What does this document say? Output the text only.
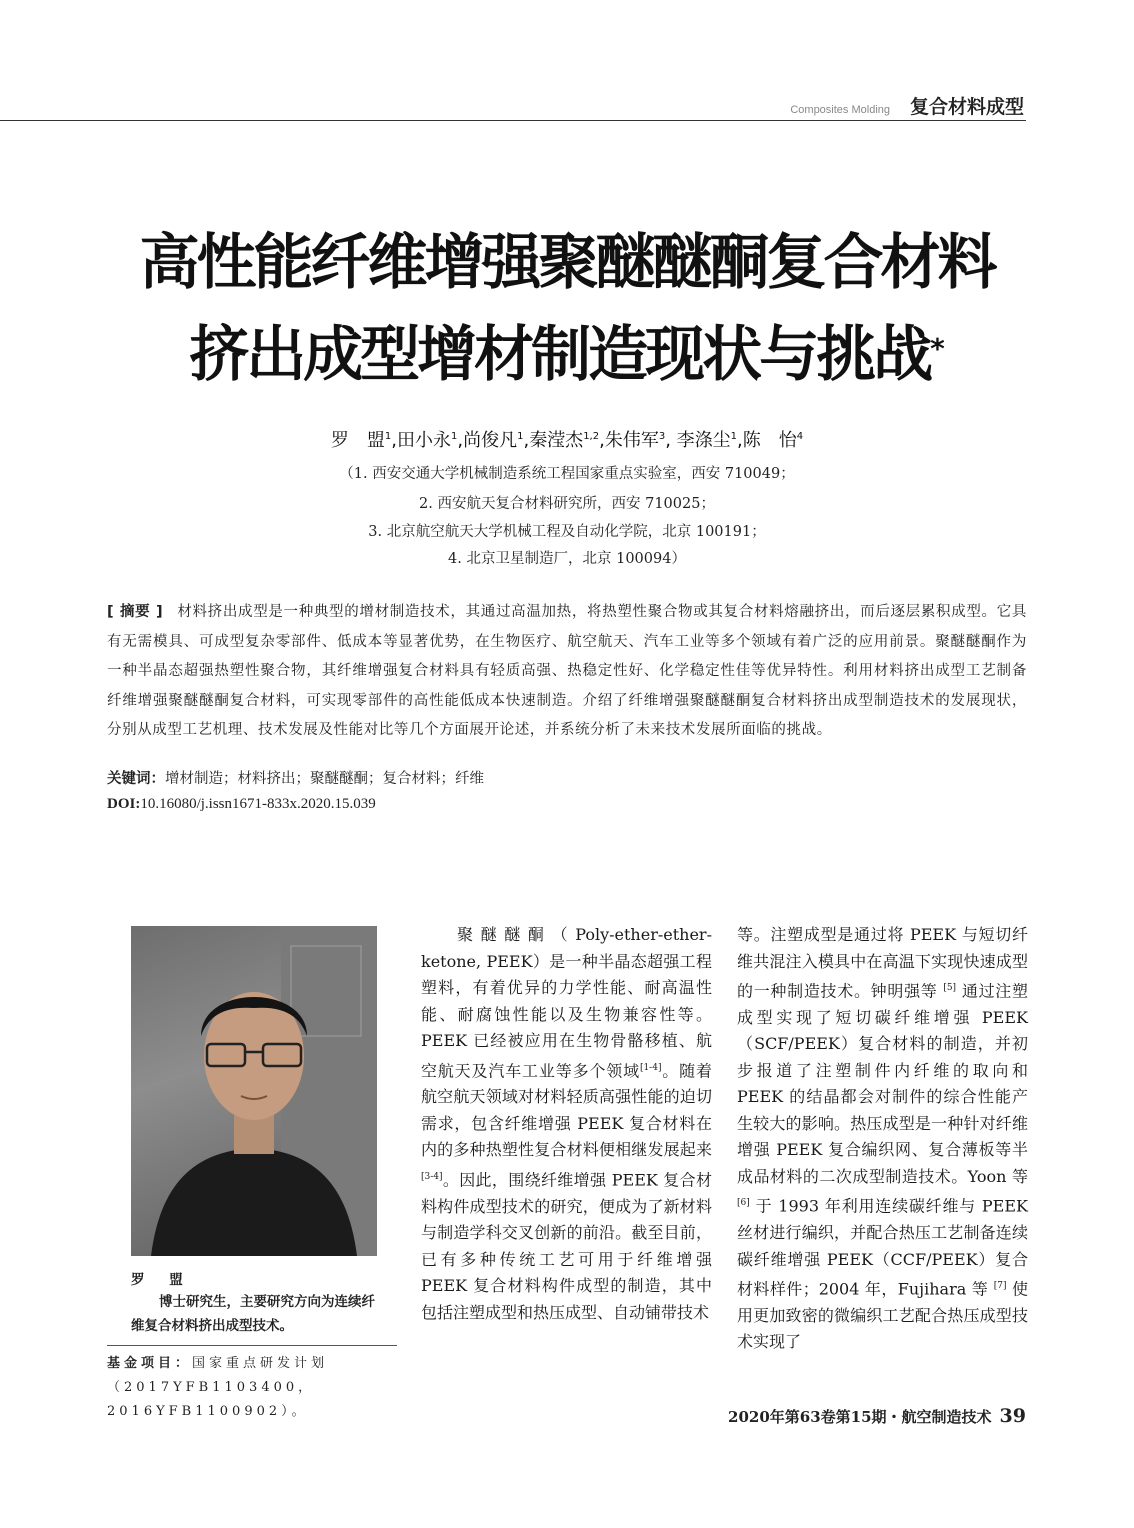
Composites Molding 复合材料成型
高性能纤维增强聚醚醚酮复合材料
挤出成型增材制造现状与挑战*
罗　盟$^1$,田小永$^1$,尚俊凡$^1$,秦滢杰$^{1,2}$,朱伟军$^3$, 李涤尘$^1$,陈　怡$^4$
（1. 西安交通大学机械制造系统工程国家重点实验室，西安 710049；
2. 西安航天复合材料研究所，西安 710025；
3. 北京航空航天大学机械工程及自动化学院，北京 100191；
4. 北京卫星制造厂，北京 100094）
[ 摘要 ] 材料挤出成型是一种典型的增材制造技术，其通过高温加热，将热塑性聚合物或其复合材料熔融挤出，而后逐层累积成型。它具有无需模具、可成型复杂零部件、低成本等显著优势，在生物医疗、航空航天、汽车工业等多个领域有着广泛的应用前景。聚醚醚酮作为一种半晶态超强热塑性聚合物，其纤维增强复合材料具有轻质高强、热稳定性好、化学稳定性佳等优异特性。利用材料挤出成型工艺制备纤维增强聚醚醚酮复合材料，可实现零部件的高性能低成本快速制造。介绍了纤维增强聚醚醚酮复合材料挤出成型制造技术的发展现状，分别从成型工艺机理、技术发展及性能对比等几个方面展开论述，并系统分析了未来技术发展所面临的挑战。
关键词：增材制造；材料挤出；聚醚醚酮；复合材料；纤维
DOI:10.16080/j.issn1671-833x.2020.15.039
罗 盟
博士研究生，主要研究方向为连续纤维复合材料挤出成型技术。
基金项目：国家重点研发计划（2017YFB1103400，2016YFB1100902）。

聚醚醚酮（Poly-ether-ether-ketone, PEEK）是一种半晶态超强工程塑料，有着优异的力学性能、耐高温性能、耐腐蚀性能以及生物兼容性等。PEEK 已经被应用在生物骨骼移植、航空航天及汽车工业等多个领域[1-4]。随着航空航天领域对材料轻质高强性能的迫切需求，包含纤维增强 PEEK 复合材料在内的多种热塑性复合材料便相继发展起来[3-4]。因此，围绕纤维增强 PEEK 复合材料构件成型技术的研究，便成为了新材料与制造学科交叉创新的前沿。截至目前，已有多种传统工艺可用于纤维增强 PEEK 复合材料构件成型的制造，其中包括注塑成型和热压成型、自动铺带技术

等。注塑成型是通过将 PEEK 与短切纤维共混注入模具中在高温下实现快速成型的一种制造技术。钟明强等 [5] 通过注塑成型实现了短切碳纤维增强 PEEK（SCF/PEEK）复合材料的制造，并初步报道了注塑制件内纤维的取向和 PEEK 的结晶都会对制件的综合性能产生较大的影响。热压成型是一种针对纤维增强 PEEK 复合编织网、复合薄板等半成品材料的二次成型制造技术。Yoon 等 [6] 于 1993 年利用连续碳纤维与 PEEK 丝材进行编织，并配合热压工艺制备连续碳纤维增强 PEEK（CCF/PEEK）复合材料样件；2004 年，Fujihara 等 [7] 使用更加致密的微编织工艺配合热压成型技术实现了

2020年第63卷第15期・航空制造技术 39
